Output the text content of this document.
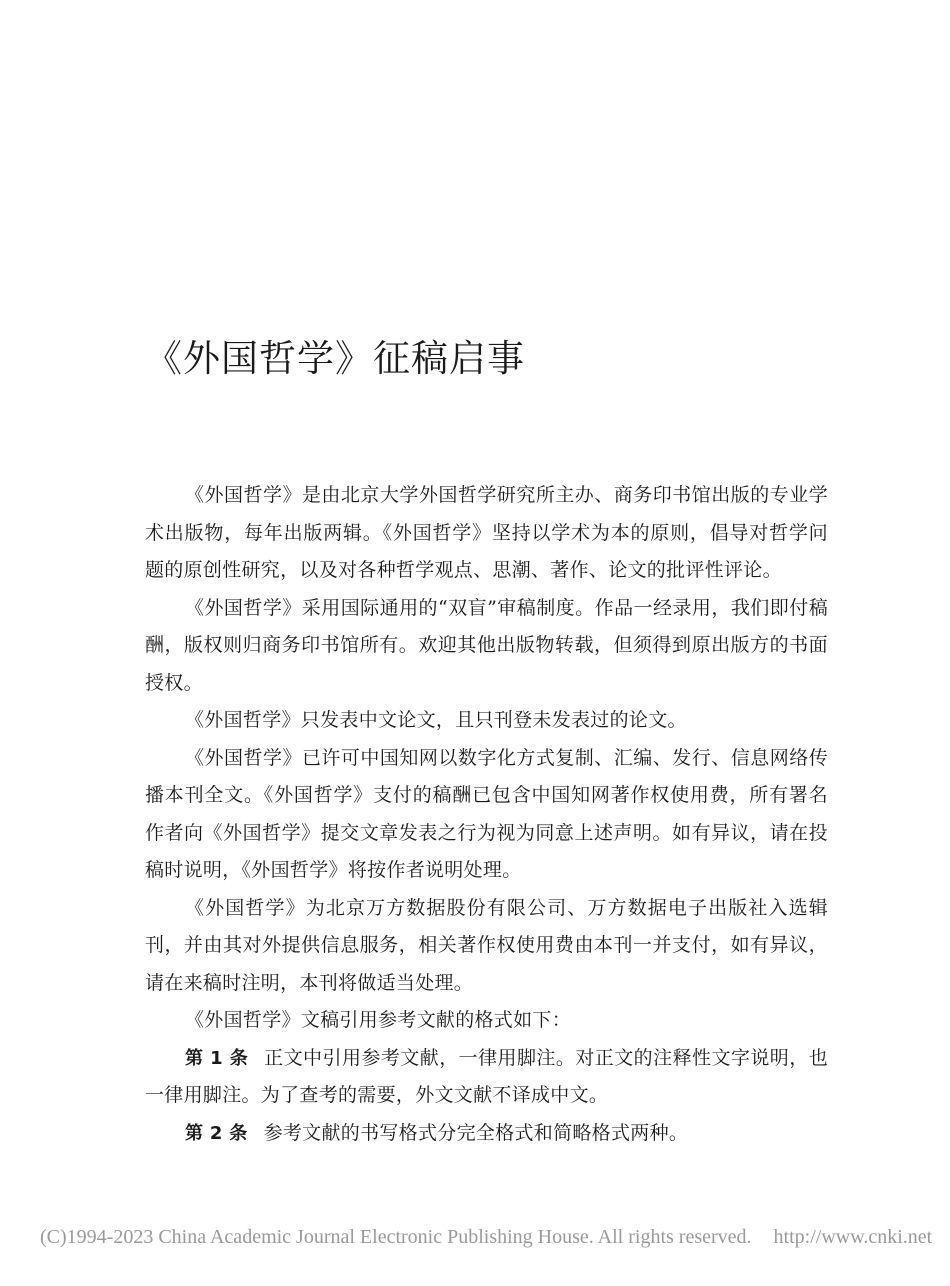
《外国哲学》征稿启事

《外国哲学》是由北京大学外国哲学研究所主办、商务印书馆出版的专业学术出版物，每年出版两辑。《外国哲学》坚持以学术为本的原则，倡导对哲学问题的原创性研究，以及对各种哲学观点、思潮、著作、论文的批评性评论。

《外国哲学》采用国际通用的“双盲”审稿制度。作品一经录用，我们即付稿酬，版权则归商务印书馆所有。欢迎其他出版物转载，但须得到原出版方的书面授权。

《外国哲学》只发表中文论文，且只刊登未发表过的论文。

《外国哲学》已许可中国知网以数字化方式复制、汇编、发行、信息网络传播本刊全文。《外国哲学》支付的稿酬已包含中国知网著作权使用费，所有署名作者向《外国哲学》提交文章发表之行为视为同意上述声明。如有异议，请在投稿时说明，《外国哲学》将按作者说明处理。

《外国哲学》为北京万方数据股份有限公司、万方数据电子出版社入选辑刊，并由其对外提供信息服务，相关著作权使用费由本刊一并支付，如有异议，请在来稿时注明，本刊将做适当处理。

《外国哲学》文稿引用参考文献的格式如下：

第 1 条 正文中引用参考文献，一律用脚注。对正文的注释性文字说明，也一律用脚注。为了查考的需要，外文文献不译成中文。

第 2 条 参考文献的书写格式分完全格式和简略格式两种。

(C)1994-2023 China Academic Journal Electronic Publishing House. All rights reserved. http://www.cnki.net
